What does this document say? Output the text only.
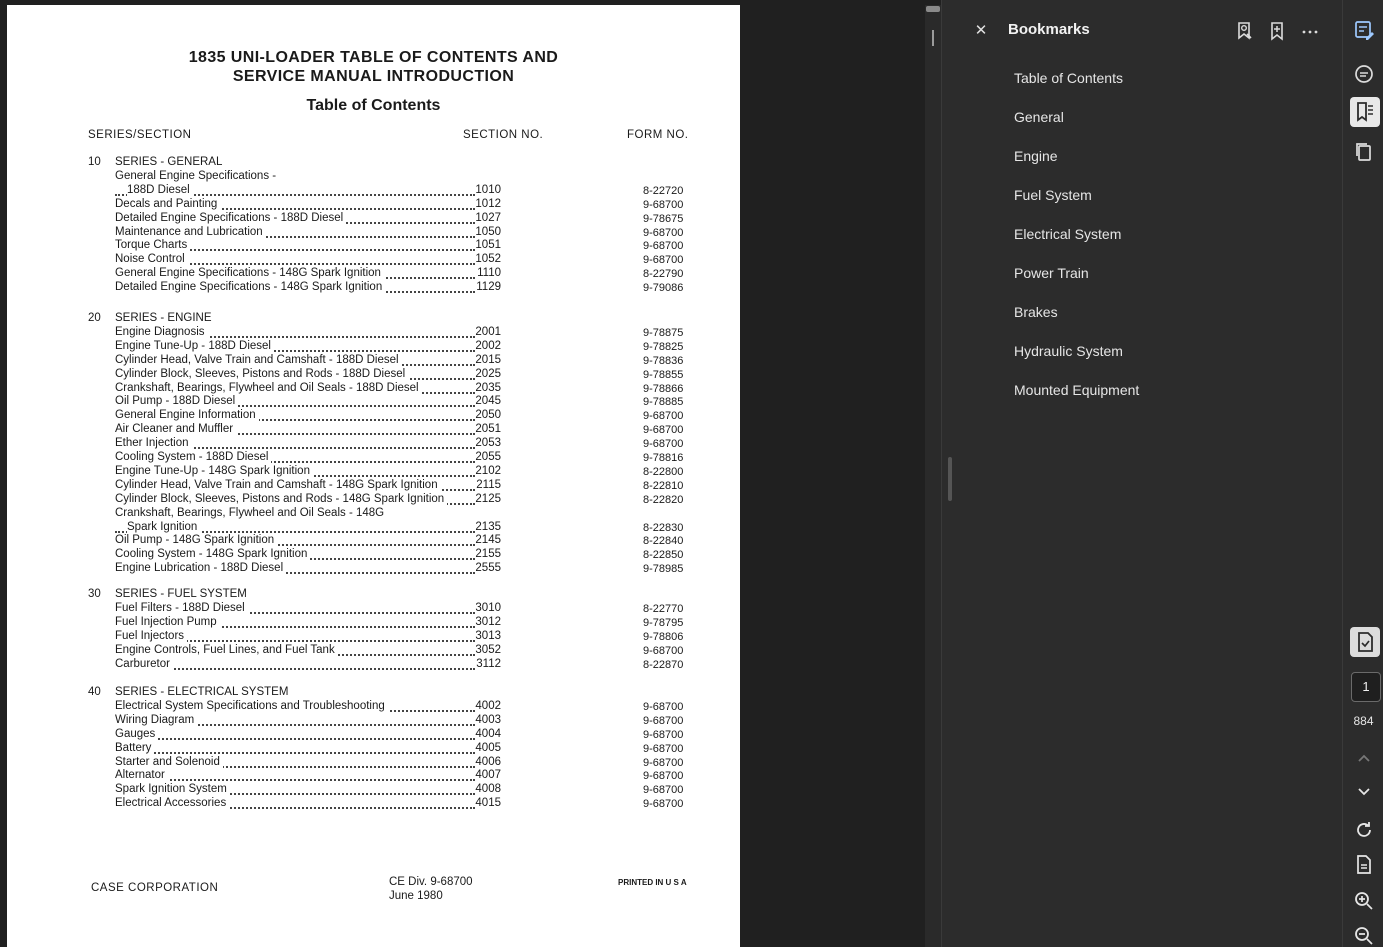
1835 UNI-LOADER TABLE OF CONTENTS AND
SERVICE MANUAL INTRODUCTION
Table of Contents
SERIES/SECTION	SECTION NO.	FORM NO.
10 SERIES - GENERAL
General Engine Specifications -
188D Diesel	1010	8-22720
Decals and Painting	1012	9-68700
Detailed Engine Specifications - 188D Diesel	1027	9-78675
Maintenance and Lubrication	1050	9-68700
Torque Charts	1051	9-68700
Noise Control	1052	9-68700
General Engine Specifications - 148G Spark Ignition	1110	8-22790
Detailed Engine Specifications - 148G Spark Ignition	1129	9-79086
20 SERIES - ENGINE
Engine Diagnosis	2001	9-78875
Engine Tune-Up - 188D Diesel	2002	9-78825
Cylinder Head, Valve Train and Camshaft - 188D Diesel	2015	9-78836
Cylinder Block, Sleeves, Pistons and Rods - 188D Diesel	2025	9-78855
Crankshaft, Bearings, Flywheel and Oil Seals - 188D Diesel	2035	9-78866
Oil Pump - 188D Diesel	2045	9-78885
General Engine Information	2050	9-68700
Air Cleaner and Muffler	2051	9-68700
Ether Injection	2053	9-68700
Cooling System - 188D Diesel	2055	9-78816
Engine Tune-Up - 148G Spark Ignition	2102	8-22800
Cylinder Head, Valve Train and Camshaft - 148G Spark Ignition	2115	8-22810
Cylinder Block, Sleeves, Pistons and Rods - 148G Spark Ignition	2125	8-22820
Crankshaft, Bearings, Flywheel and Oil Seals - 148G
Spark Ignition	2135	8-22830
Oil Pump - 148G Spark Ignition	2145	8-22840
Cooling System - 148G Spark Ignition	2155	8-22850
Engine Lubrication - 188D Diesel	2555	9-78985
30 SERIES - FUEL SYSTEM
Fuel Filters - 188D Diesel	3010	8-22770
Fuel Injection Pump	3012	9-78795
Fuel Injectors	3013	9-78806
Engine Controls, Fuel Lines, and Fuel Tank	3052	9-68700
Carburetor	3112	8-22870
40 SERIES - ELECTRICAL SYSTEM
Electrical System Specifications and Troubleshooting	4002	9-68700
Wiring Diagram	4003	9-68700
Gauges	4004	9-68700
Battery	4005	9-68700
Starter and Solenoid	4006	9-68700
Alternator	4007	9-68700
Spark Ignition System	4008	9-68700
Electrical Accessories	4015	9-68700
CASE CORPORATION	CE Div. 9-68700
June 1980
PRINTED IN U S A
✕ Bookmarks
Table of Contents
General
Engine
Fuel System
Electrical System
Power Train
Brakes
Hydraulic System
Mounted Equipment
1
884
